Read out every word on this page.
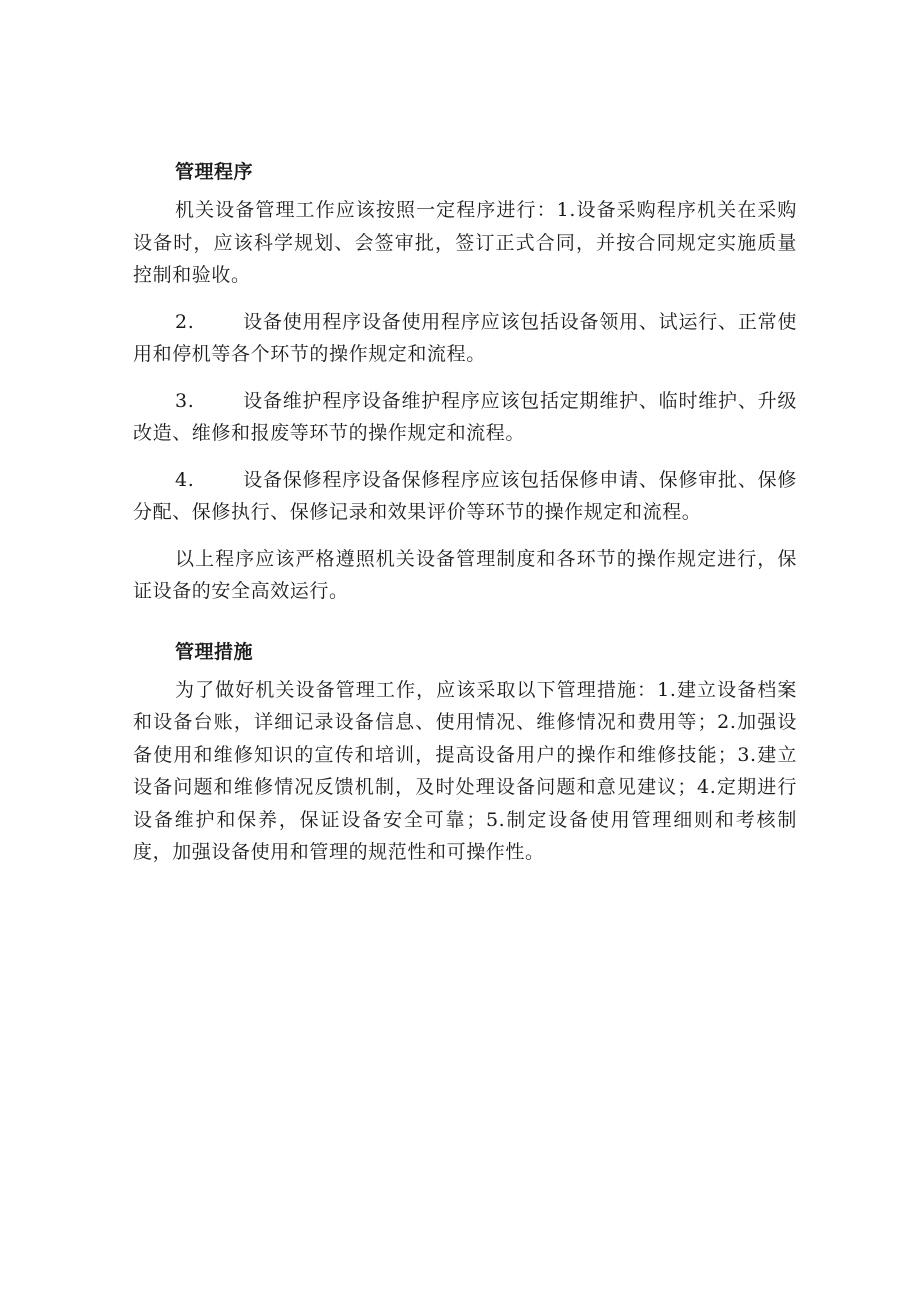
管理程序

机关设备管理工作应该按照一定程序进行：1.设备采购程序机关在采购设备时，应该科学规划、会签审批，签订正式合同，并按合同规定实施质量控制和验收。

2.	设备使用程序设备使用程序应该包括设备领用、试运行、正常使用和停机等各个环节的操作规定和流程。

3.	设备维护程序设备维护程序应该包括定期维护、临时维护、升级改造、维修和报废等环节的操作规定和流程。

4.	设备保修程序设备保修程序应该包括保修申请、保修审批、保修分配、保修执行、保修记录和效果评价等环节的操作规定和流程。

以上程序应该严格遵照机关设备管理制度和各环节的操作规定进行，保证设备的安全高效运行。

管理措施

为了做好机关设备管理工作，应该采取以下管理措施：1.建立设备档案和设备台账，详细记录设备信息、使用情况、维修情况和费用等；2.加强设备使用和维修知识的宣传和培训，提高设备用户的操作和维修技能；3.建立设备问题和维修情况反馈机制，及时处理设备问题和意见建议；4.定期进行设备维护和保养，保证设备安全可靠；5.制定设备使用管理细则和考核制度，加强设备使用和管理的规范性和可操作性。
